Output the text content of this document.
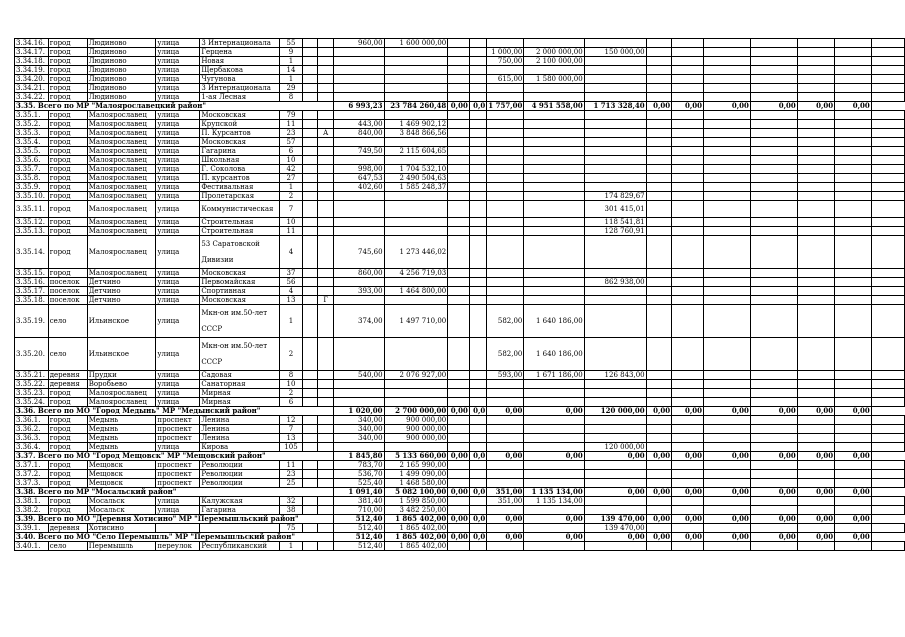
3.34.16.	город	Людиново	улица	3 Интернационала	55			960,00	1 600 000,00												
3.34.17.	город	Людиново	улица	Герцена	9							1 000,00	2 000 000,00	150 000,00							
3.34.18.	город	Людиново	улица	Новая	1							750,00	2 100 000,00								
3.34.19.	город	Людиново	улица	Щербакова	14																
3.34.20.	город	Людиново	улица	Чугунова	1							615,00	1 580 000,00								
3.34.21.	город	Людиново	улица	3 Интернационала	29																
3.34.22.	город	Людиново	улица	1-ая Лесная	8																
3.35. Всего по МР "Малоярославецкий район"								6 993,23	23 784 260,48	0,00	0,0	1 757,00	4 951 558,00	1 713 328,40	0,00	0,00	0,00	0,00	0,00	0,00	
3.35.1.	город	Малоярославец	улица	Московская	79																
3.35.2.	город	Малоярославец	улица	Крупской	11			443,00	1 469 902,12												
3.35.3.	город	Малоярославец	улица	П. Курсантов	23		А	840,00	3 848 866,56												
3.35.4.	город	Малоярославец	улица	Московская	57																
3.35.5.	город	Малоярославец	улица	Гагарина	6			749,50	2 115 604,65												
3.35.6.	город	Малоярославец	улица	Школьная	10																
3.35.7.	город	Малоярославец	улица	Г. Соколова	42			998,00	1 704 532,10												
3.35.8.	город	Малоярославец	улица	П. курсантов	27			647,53	2 490 504,63												
3.35.9.	город	Малоярославец	улица	Фестивальная	1			402,60	1 585 248,37												
3.35.10.	город	Малоярославец	улица	Пролетарская	2									174 829,67							
3.35.11.	город	Малоярославец	улица	Коммунистическая	7									301 415,01							
3.35.12.	город	Малоярославец	улица	Строительная	10									118 541,81							
3.35.13.	город	Малоярославец	улица	Строительная	11									128 760,91							
3.35.14.	город	Малоярославец	улица	53 Саратовской Дивизии	4			745,60	1 273 446,02												
3.35.15.	город	Малоярославец	улица	Московская	37			860,00	4 256 719,03												
3.35.16.	поселок	Детчино	улица	Первомайская	56									862 938,00							
3.35.17.	поселок	Детчино	улица	Спортивная	4			393,00	1 464 800,00												
3.35.18.	поселок	Детчино	улица	Московская	13		Г														
3.35.19.	село	Ильинское	улица	Мкн-он им.50-лет СССР	1			374,00	1 497 710,00			582,00	1 640 186,00								
3.35.20.	село	Ильинское	улица	Мкн-он им.50-лет СССР	2							582,00	1 640 186,00								
3.35.21.	деревня	Прудки	улица	Садовая	8			540,00	2 076 927,00			593,00	1 671 186,00	126 843,00							
3.35.22.	деревня	Воробьево	улица	Санаторная	10																
3.35.23.	город	Малоярославец	улица	Мирная	2																
3.35.24.	город	Малоярославец	улица	Мирная	6																
3.36. Всего по МО "Город Медынь" МР "Медынский район"								1 020,00	2 700 000,00	0,00	0,0	0,00	0,00	120 000,00	0,00	0,00	0,00	0,00	0,00	0,00	
3.36.1.	город	Медынь	проспект	Ленина	12			340,00	900 000,00												
3.36.2.	город	Медынь	проспект	Ленина	7			340,00	900 000,00												
3.36.3.	город	Медынь	проспект	Ленина	13			340,00	900 000,00												
3.36.4.	город	Медынь	улица	Кирова	105									120 000,00							
3.37. Всего по МО "Город Мещовск" МР "Мещовский район"								1 845,80	5 133 660,00	0,00	0,0	0,00	0,00	0,00	0,00	0,00	0,00	0,00	0,00	0,00	
3.37.1.	город	Мещовск	проспект	Революции	11			783,70	2 165 990,00												
3.37.2.	город	Мещовск	проспект	Революции	23			536,70	1 499 090,00												
3.37.3.	город	Мещовск	проспект	Революции	25			525,40	1 468 580,00												
3.38. Всего по МР "Мосальский район"								1 091,40	5 082 100,00	0,00	0,0	351,00	1 135 134,00	0,00	0,00	0,00	0,00	0,00	0,00	0,00	
3.38.1.	город	Мосальск	улица	Калужская	32			381,40	1 599 850,00			351,00	1 135 134,00								
3.38.2.	город	Мосальск	улица	Гагарина	38			710,00	3 482 250,00												
3.39. Всего по МО "Деревня Хотисино" МР "Перемышльский район"								512,40	1 865 402,00	0,00	0,0	0,00	0,00	139 470,00	0,00	0,00	0,00	0,00	0,00	0,00	
3.39.1.	деревня	Хотисино			75			512,40	1 865 402,00					139 470,00							
3.40. Всего по МО "Село Перемышль" МР "Перемышльский район"								512,40	1 865 402,00	0,00	0,0	0,00	0,00	0,00	0,00	0,00	0,00	0,00	0,00	0,00	
3.40.1.	село	Перемышль	переулок	Республиканский	1			512,40	1 865 402,00												
